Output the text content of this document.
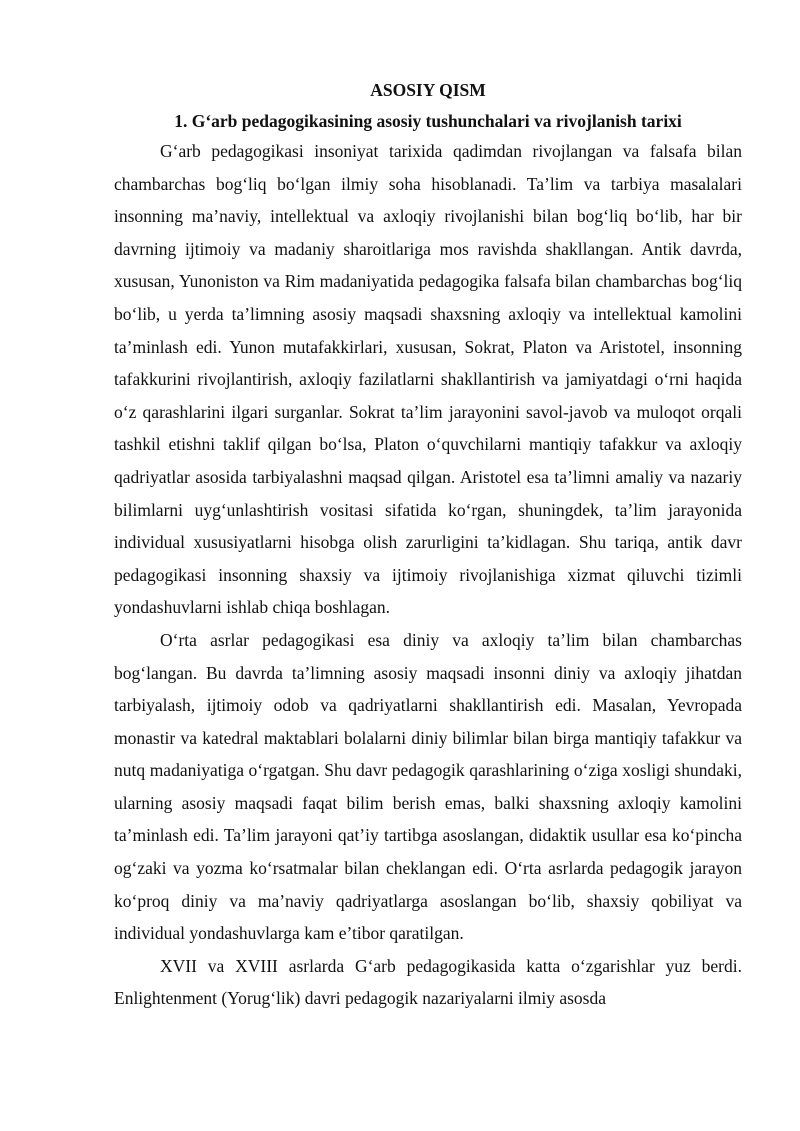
ASOSIY QISM
1. G‘arb pedagogikasining asosiy tushunchalari va rivojlanish tarixi

G‘arb pedagogikasi insoniyat tarixida qadimdan rivojlangan va falsafa bilan chambarchas bog‘liq bo‘lgan ilmiy soha hisoblanadi. Ta’lim va tarbiya masalalari insonning ma’naviy, intellektual va axloqiy rivojlanishi bilan bog‘liq bo‘lib, har bir davrning ijtimoiy va madaniy sharoitlariga mos ravishda shakllangan. Antik davrda, xususan, Yunoniston va Rim madaniyatida pedagogika falsafa bilan chambarchas bog‘liq bo‘lib, u yerda ta’limning asosiy maqsadi shaxsning axloqiy va intellektual kamolini ta’minlash edi. Yunon mutafakkirlari, xususan, Sokrat, Platon va Aristotel, insonning tafakkurini rivojlantirish, axloqiy fazilatlarni shakllantirish va jamiyatdagi o‘rni haqida o‘z qarashlarini ilgari surganlar. Sokrat ta’lim jarayonini savol-javob va muloqot orqali tashkil etishni taklif qilgan bo‘lsa, Platon o‘quvchilarni mantiqiy tafakkur va axloqiy qadriyatlar asosida tarbiyalashni maqsad qilgan. Aristotel esa ta’limni amaliy va nazariy bilimlarni uyg‘unlashtirish vositasi sifatida ko‘rgan, shuningdek, ta’lim jarayonida individual xususiyatlarni hisobga olish zarurligini ta’kidlagan. Shu tariqa, antik davr pedagogikasi insonning shaxsiy va ijtimoiy rivojlanishiga xizmat qiluvchi tizimli yondashuvlarni ishlab chiqa boshlagan.

O‘rta asrlar pedagogikasi esa diniy va axloqiy ta’lim bilan chambarchas bog‘langan. Bu davrda ta’limning asosiy maqsadi insonni diniy va axloqiy jihatdan tarbiyalash, ijtimoiy odob va qadriyatlarni shakllantirish edi. Masalan, Yevropada monastir va katedral maktablari bolalarni diniy bilimlar bilan birga mantiqiy tafakkur va nutq madaniyatiga o‘rgatgan. Shu davr pedagogik qarashlarining o‘ziga xosligi shundaki, ularning asosiy maqsadi faqat bilim berish emas, balki shaxsning axloqiy kamolini ta’minlash edi. Ta’lim jarayoni qat’iy tartibga asoslangan, didaktik usullar esa ko‘pincha og‘zaki va yozma ko‘rsatmalar bilan cheklangan edi. O‘rta asrlarda pedagogik jarayon ko‘proq diniy va ma’naviy qadriyatlarga asoslangan bo‘lib, shaxsiy qobiliyat va individual yondashuvlarga kam e’tibor qaratilgan.

XVII va XVIII asrlarda G‘arb pedagogikasida katta o‘zgarishlar yuz berdi. Enlightenment (Yorug‘lik) davri pedagogik nazariyalarni ilmiy asosda
